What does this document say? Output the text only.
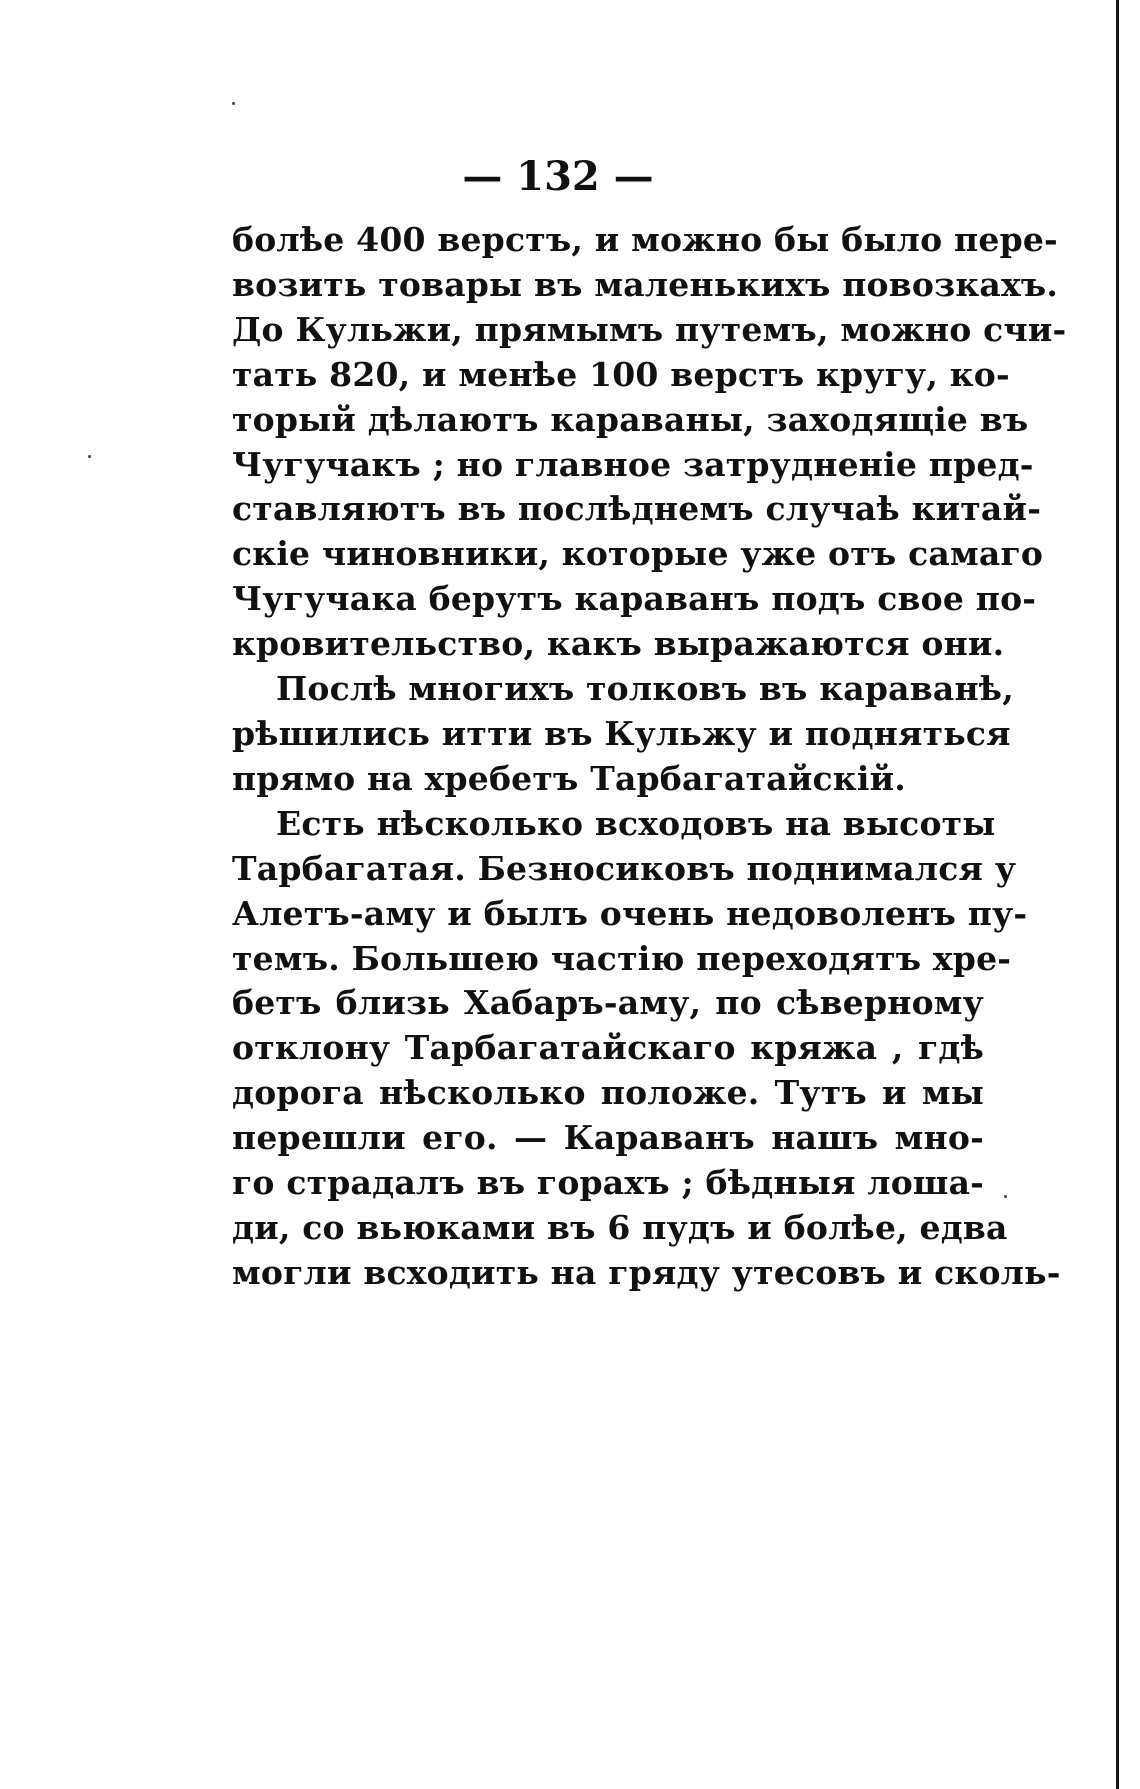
— 132 —

болѣе 400 верстъ, и можно бы было пере-
возить товары въ маленькихъ повозкахъ.
До Кульжи, прямымъ путемъ, можно счи-
тать 820, и менѣе 100 верстъ кругу, ко-
торый дѣлаютъ караваны, заходящіе въ
Чугучакъ ; но главное затрудненіе пред-
ставляютъ въ послѣднемъ случаѣ китай-
скіе чиновники, которые уже отъ самаго
Чугучака берутъ караванъ подъ свое по-
кровительство, какъ выражаются они.

Послѣ многихъ толковъ въ караванѣ,
рѣшились итти въ Кульжу и подняться
прямо на хребетъ Тарбагатайскій.

Есть нѣсколько всходовъ на высоты
Тарбагатая. Безносиковъ поднимался у
Алетъ-аму и былъ очень недоволенъ пу-
темъ. Большею частію переходятъ хре-
бетъ близь Хабаръ-аму, по сѣверному
отклону Тарбагатайскаго кряжа , гдѣ
дорога нѣсколько положе. Тутъ и мы
перешли его. — Караванъ нашъ мно-
го страдалъ въ горахъ ; бѣдныя лоша-
ди, со вьюками въ 6 пудъ и болѣе, едва
могли всходить на гряду утесовъ и сколь-
